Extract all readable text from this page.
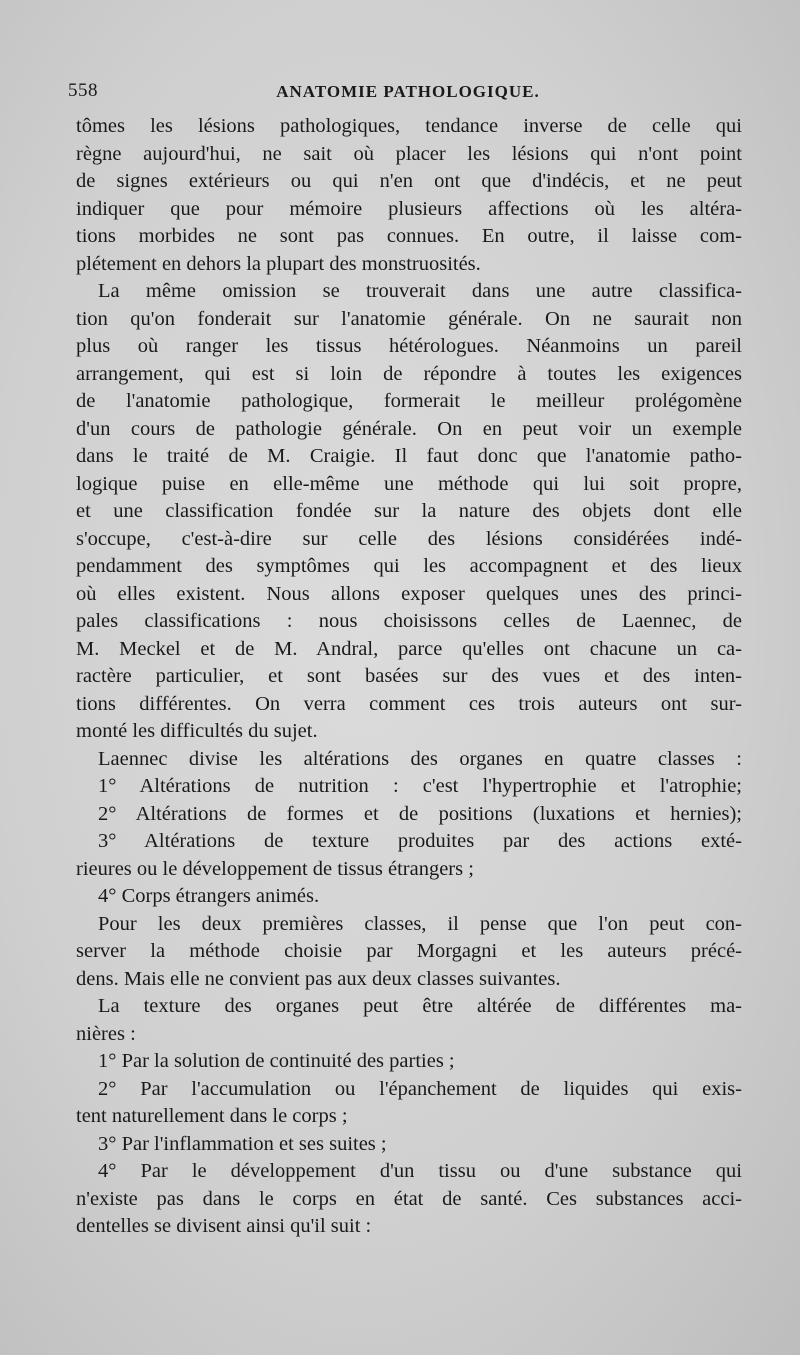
558	ANATOMIE PATHOLOGIQUE.
tômes les lésions pathologiques, tendance inverse de celle qui
règne aujourd'hui, ne sait où placer les lésions qui n'ont point
de signes extérieurs ou qui n'en ont que d'indécis, et ne peut
indiquer que pour mémoire plusieurs affections où les altéra-
tions morbides ne sont pas connues. En outre, il laisse com-
plétement en dehors la plupart des monstruosités.
La même omission se trouverait dans une autre classifica-
tion qu'on fonderait sur l'anatomie générale. On ne saurait non
plus où ranger les tissus hétérologues. Néanmoins un pareil
arrangement, qui est si loin de répondre à toutes les exigences
de l'anatomie pathologique, formerait le meilleur prolégomène
d'un cours de pathologie générale. On en peut voir un exemple
dans le traité de M. Craigie. Il faut donc que l'anatomie patho-
logique puise en elle-même une méthode qui lui soit propre,
et une classification fondée sur la nature des objets dont elle
s'occupe, c'est-à-dire sur celle des lésions considérées indé-
pendamment des symptômes qui les accompagnent et des lieux
où elles existent. Nous allons exposer quelques unes des princi-
pales classifications : nous choisissons celles de Laennec, de
M. Meckel et de M. Andral, parce qu'elles ont chacune un ca-
ractère particulier, et sont basées sur des vues et des inten-
tions différentes. On verra comment ces trois auteurs ont sur-
monté les difficultés du sujet.
Laennec divise les altérations des organes en quatre classes :
1° Altérations de nutrition : c'est l'hypertrophie et l'atrophie;
2° Altérations de formes et de positions (luxations et hernies);
3° Altérations de texture produites par des actions exté-
rieures ou le développement de tissus étrangers ;
4° Corps étrangers animés.
Pour les deux premières classes, il pense que l'on peut con-
server la méthode choisie par Morgagni et les auteurs précé-
dens. Mais elle ne convient pas aux deux classes suivantes.
La texture des organes peut être altérée de différentes ma-
nières :
1° Par la solution de continuité des parties ;
2° Par l'accumulation ou l'épanchement de liquides qui exis-
tent naturellement dans le corps ;
3° Par l'inflammation et ses suites ;
4° Par le développement d'un tissu ou d'une substance qui
n'existe pas dans le corps en état de santé. Ces substances acci-
dentelles se divisent ainsi qu'il suit :
